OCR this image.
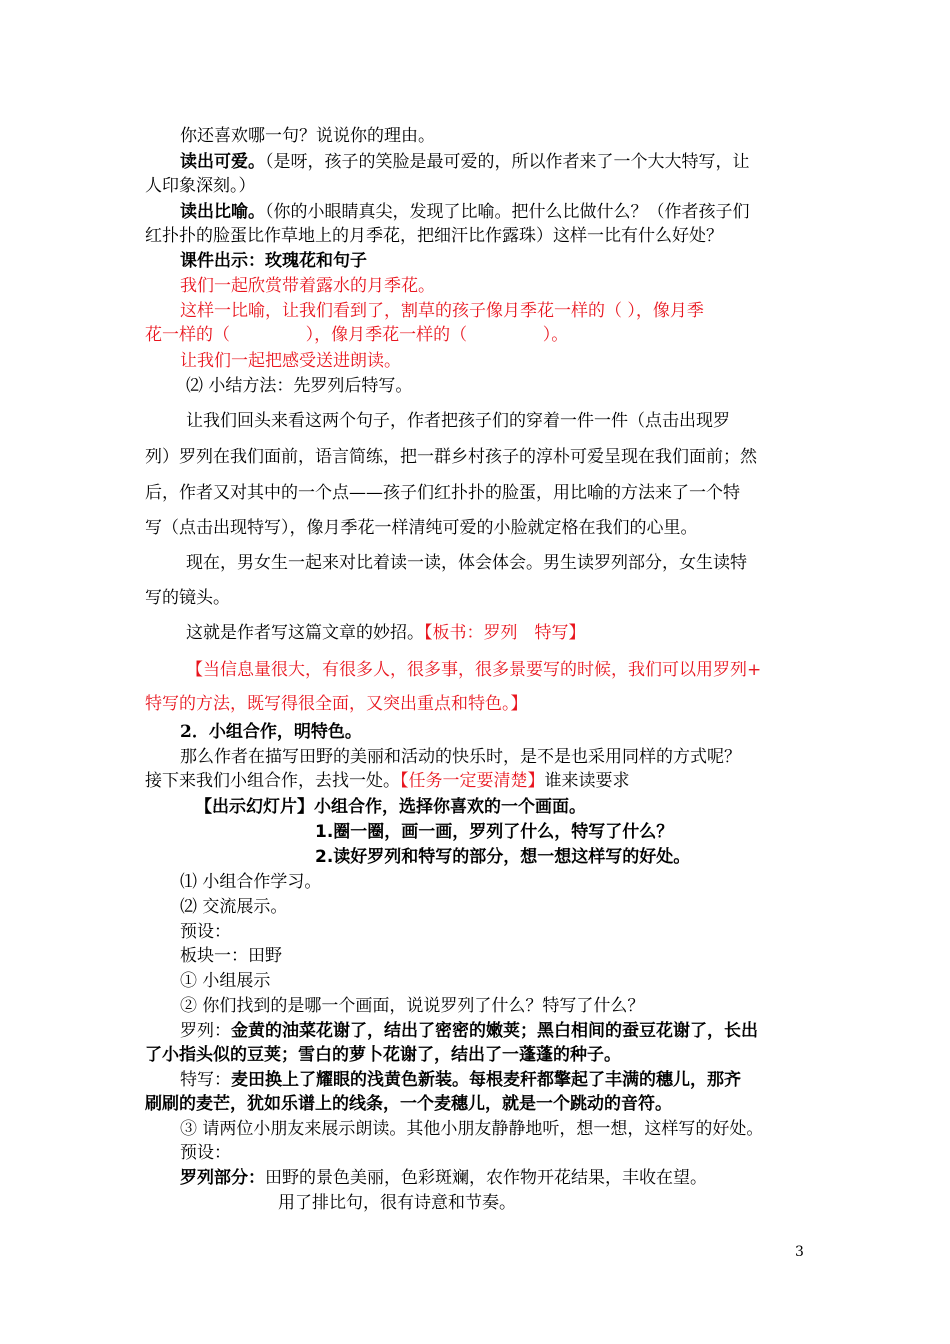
你还喜欢哪一句？说说你的理由。
读出可爱。（是呀，孩子的笑脸是最可爱的，所以作者来了一个大大特写，让
人印象深刻。）
读出比喻。（你的小眼睛真尖，发现了比喻。把什么比做什么？（作者孩子们
红扑扑的脸蛋比作草地上的月季花，把细汗比作露珠）这样一比有什么好处？
课件出示：玫瑰花和句子
我们一起欣赏带着露水的月季花。
这样一比喻，让我们看到了，割草的孩子像月季花一样的（ ），像月季
花一样的（              ），像月季花一样的（              ）。
让我们一起把感受送进朗读。
⑵ 小结方法：先罗列后特写。
让我们回头来看这两个句子，作者把孩子们的穿着一件一件（点击出现罗
列）罗列在我们面前，语言简练，把一群乡村孩子的淳朴可爱呈现在我们面前；然
后，作者又对其中的一个点——孩子们红扑扑的脸蛋，用比喻的方法来了一个特
写（点击出现特写），像月季花一样清纯可爱的小脸就定格在我们的心里。
现在，男女生一起来对比着读一读，体会体会。男生读罗列部分，女生读特
写的镜头。
这就是作者写这篇文章的妙招。【板书：罗列　特写】
【当信息量很大，有很多人，很多事，很多景要写的时候，我们可以用罗列+
特写的方法，既写得很全面，又突出重点和特色。】
2．小组合作，明特色。
那么作者在描写田野的美丽和活动的快乐时，是不是也采用同样的方式呢？
接下来我们小组合作，去找一处。【任务一定要清楚】谁来读要求
【出示幻灯片】小组合作，选择你喜欢的一个画面。
1.圈一圈，画一画，罗列了什么，特写了什么？
2.读好罗列和特写的部分，想一想这样写的好处。
⑴ 小组合作学习。
⑵ 交流展示。
预设：
板块一：田野
① 小组展示
② 你们找到的是哪一个画面，说说罗列了什么？特写了什么？
罗列：金黄的油菜花谢了，结出了密密的嫩荚；黑白相间的蚕豆花谢了，长出
了小指头似的豆荚；雪白的萝卜花谢了，结出了一蓬蓬的种子。
特写：麦田换上了耀眼的浅黄色新装。每根麦秆都擎起了丰满的穗儿，那齐
刷刷的麦芒，犹如乐谱上的线条，一个麦穗儿，就是一个跳动的音符。
③ 请两位小朋友来展示朗读。其他小朋友静静地听，想一想，这样写的好处。
预设：
罗列部分：田野的景色美丽，色彩斑斓，农作物开花结果，丰收在望。
用了排比句，很有诗意和节奏。
3
